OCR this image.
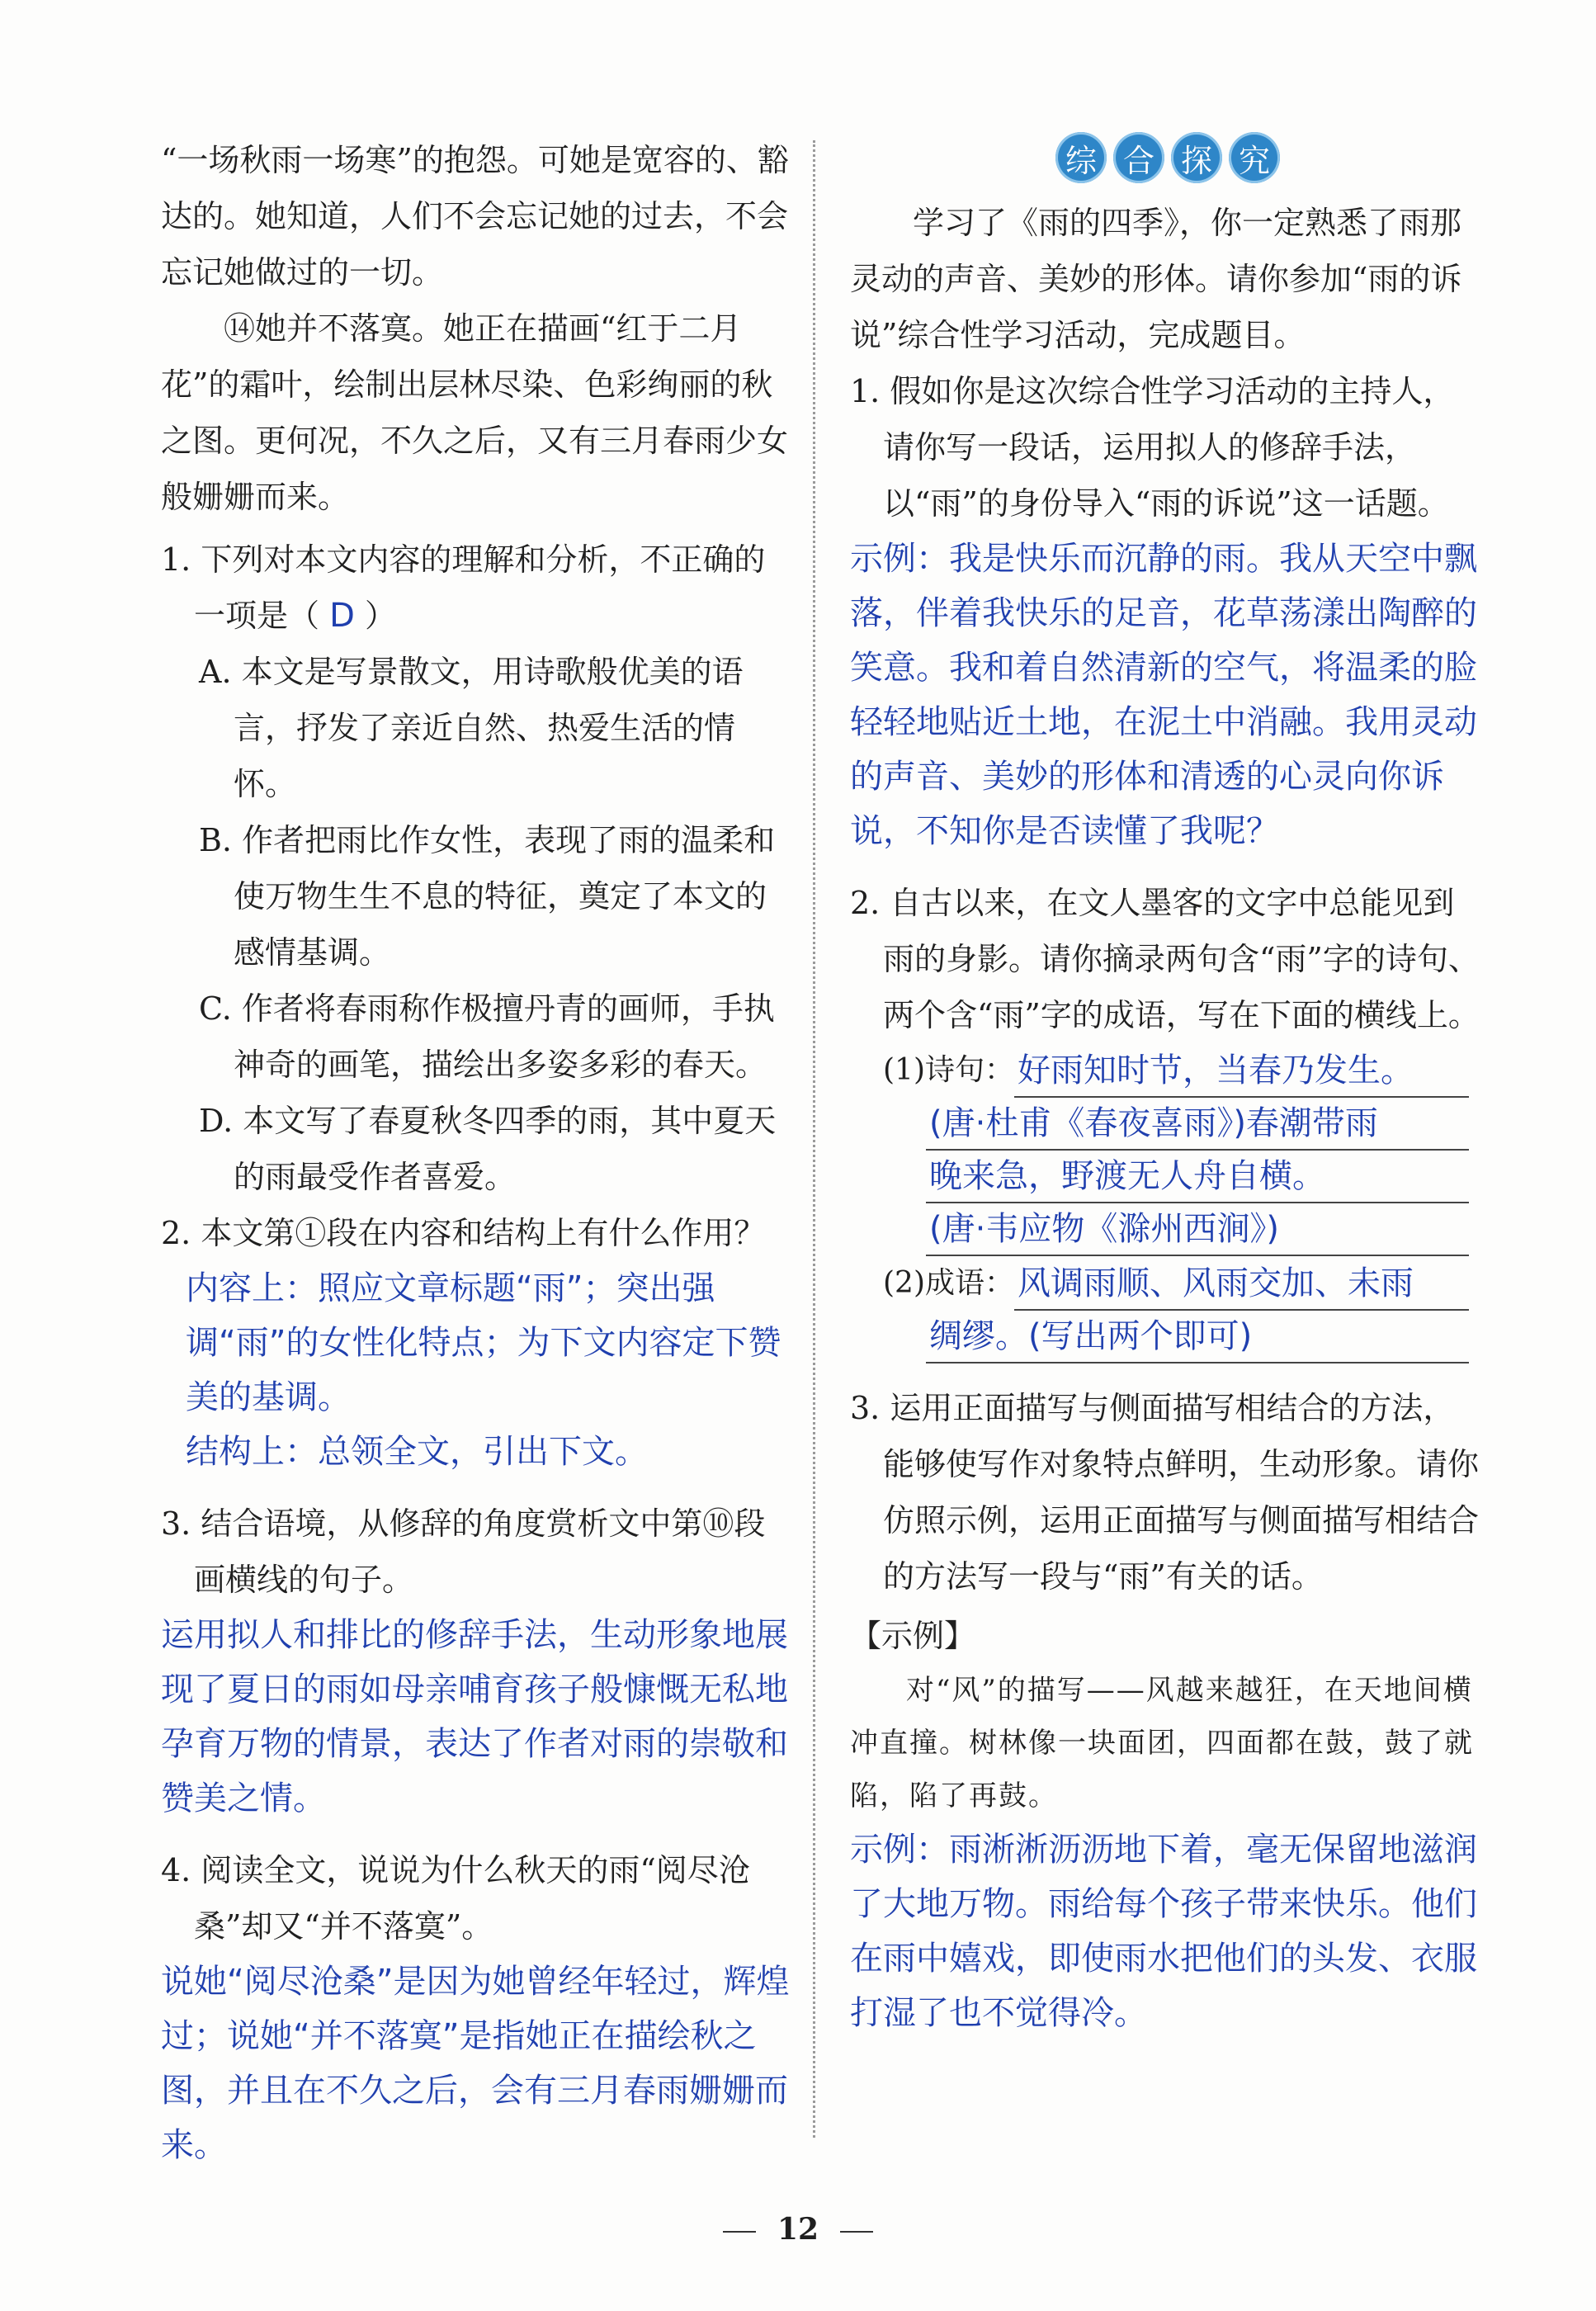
“一场秋雨一场寒”的抱怨。可她是宽容的、豁达的。她知道，人们不会忘记她的过去，不会忘记她做过的一切。

⑭她并不落寞。她正在描画“红于二月花”的霜叶，绘制出层林尽染、色彩绚丽的秋之图。更何况，不久之后，又有三月春雨少女般姗姗而来。

1. 下列对本文内容的理解和分析，不正确的一项是（ D ）

A. 本文是写景散文，用诗歌般优美的语言，抒发了亲近自然、热爱生活的情怀。

B. 作者把雨比作女性，表现了雨的温柔和使万物生生不息的特征，奠定了本文的感情基调。

C. 作者将春雨称作极擅丹青的画师，手执神奇的画笔，描绘出多姿多彩的春天。

D. 本文写了春夏秋冬四季的雨，其中夏天的雨最受作者喜爱。

2. 本文第①段在内容和结构上有什么作用？

内容上：照应文章标题“雨”；突出强调“雨”的女性化特点；为下文内容定下赞美的基调。

结构上：总领全文，引出下文。

3. 结合语境，从修辞的角度赏析文中第⑩段画横线的句子。

运用拟人和排比的修辞手法，生动形象地展现了夏日的雨如母亲哺育孩子般慷慨无私地孕育万物的情景，表达了作者对雨的崇敬和赞美之情。

4. 阅读全文，说说为什么秋天的雨“阅尽沧桑”却又“并不落寞”。

说她“阅尽沧桑”是因为她曾经年轻过，辉煌过；说她“并不落寞”是指她正在描绘秋之图，并且在不久之后，会有三月春雨姗姗而来。

综 合 探 究

学习了《雨的四季》，你一定熟悉了雨那灵动的声音、美妙的形体。请你参加“雨的诉说”综合性学习活动，完成题目。

1. 假如你是这次综合性学习活动的主持人，请你写一段话，运用拟人的修辞手法，以“雨”的身份导入“雨的诉说”这一话题。

示例：我是快乐而沉静的雨。我从天空中飘落，伴着我快乐的足音，花草荡漾出陶醉的笑意。我和着自然清新的空气，将温柔的脸轻轻地贴近土地，在泥土中消融。我用灵动的声音、美妙的形体和清透的心灵向你诉说，不知你是否读懂了我呢？

2. 自古以来，在文人墨客的文字中总能见到雨的身影。请你摘录两句含“雨”字的诗句、两个含“雨”字的成语，写在下面的横线上。

(1)诗句： 好雨知时节，当春乃发生。
(唐·杜甫《春夜喜雨》)春潮带雨
晚来急，野渡无人舟自横。
(唐·韦应物《滁州西涧》)
(2)成语： 风调雨顺、风雨交加、未雨
绸缪。(写出两个即可)

3. 运用正面描写与侧面描写相结合的方法，能够使写作对象特点鲜明，生动形象。请你仿照示例，运用正面描写与侧面描写相结合的方法写一段与“雨”有关的话。

【示例】

对“风”的描写——风越来越狂，在天地间横冲直撞。树林像一块面团，四面都在鼓，鼓了就陷，陷了再鼓。

示例：雨淅淅沥沥地下着，毫无保留地滋润了大地万物。雨给每个孩子带来快乐。他们在雨中嬉戏，即使雨水把他们的头发、衣服打湿了也不觉得冷。

12
